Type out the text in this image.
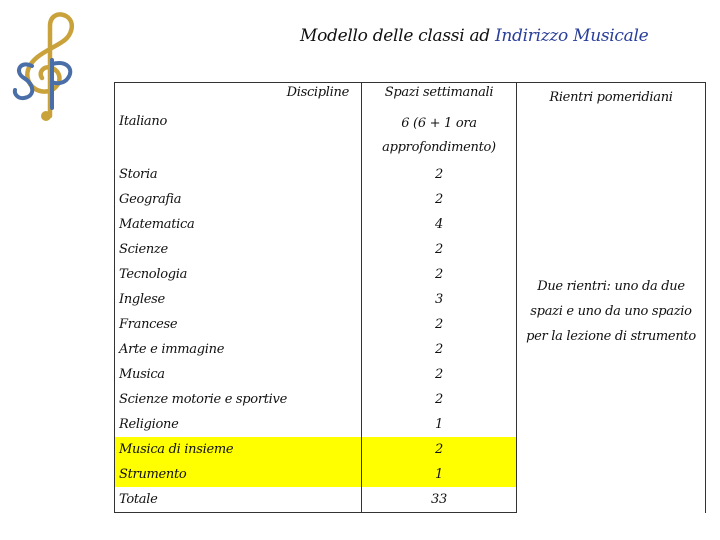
Modello delle classi ad Indirizzo Musicale
Discipline	Spazi settimanali	Rientri pomeridiani
Italiano	6 (6 + 1 ora approfondimento)	Due rientri: uno da due spazi e uno da uno spazio per la lezione di strumento
Storia	2	
Geografia	2	
Matematica	4	
Scienze	2	
Tecnologia	2	
Inglese	3	
Francese	2	
Arte e immagine	2	
Musica	2	
Scienze motorie e sportive	2	
Religione	1	
Musica di insieme	2	
Strumento	1	
Totale	33	
